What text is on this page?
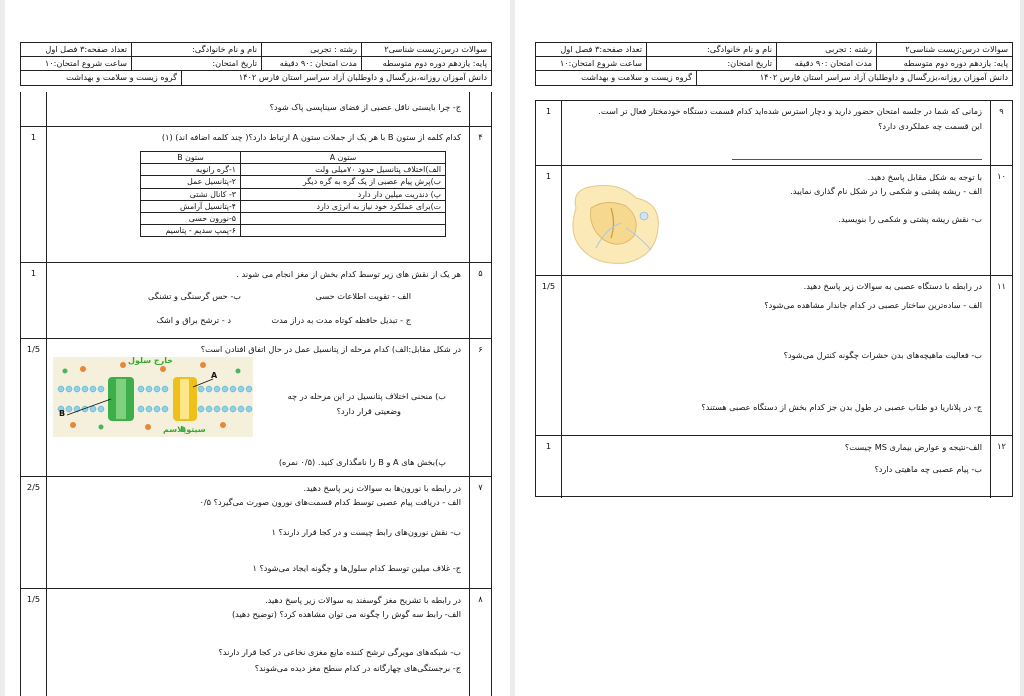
سوالات درس:زیست شناسی۲
رشته : تجربی
نام و نام خانوادگی:
تعداد صفحه:۳ فصل اول
پایه: یازدهم دوره دوم متوسطه
مدت امتحان :۹۰ دقیقه
تاریخ امتحان:
ساعت شروع امتحان:۱۰
دانش آموزان روزانه،بزرگسال و داوطلبان آزاد سراسر استان فارس ۱۴۰۲
گروه زیست و سلامت و بهداشت
ج- چرا بایستی ناقل عصبی از فضای سیناپسی پاک شود؟
۴
1	کدام کلمه از ستون B با هر یک از جملات ستون A ارتباط دارد؟( چند کلمه اضافه اند) (۱)
ستون A	ستون B
الف)اختلاف پتانسیل حدود ۷۰میلی ولت	۱-گره رانویه
ب)پرش پیام عصبی از یک گره به گره دیگر	۲-پتانسیل عمل
پ) دندریت میلین دار دارد	۳- کانال نشتی
ت)برای عملکرد خود نیاز به انرژی دارد	۴-پتانسیل آرامش
	۵-نورون حسی
	۶-پمپ سدیم - پتاسیم
۵
1	هر یک از نقش های زیر توسط کدام بخش از مغز انجام می شوند .
الف - تقویت اطلاعات حسی
ب- حس گرسنگی و تشنگی
ج - تبدیل حافظه کوتاه مدت به دراز مدت
د - ترشح براق و اشک
۶
1/5	در شکل مقابل:الف) کدام مرحله از پتانسیل عمل در حال اتفاق افتادن است؟
ب) منحنی اختلاف پتانسیل در این مرحله در چه
وضعیتی قرار دارد؟
پ)بخش های A و B را نامگذاری کنید. (۰/۵ نمره)
خارج سلول
سیتوپلاسم
A
B
۷
2/5	در رابطه با نورون‌ها به سوالات زیر پاسخ دهید.
الف - دریافت پیام عصبی توسط کدام قسمت‌های نورون صورت می‌گیرد؟ ۰/۵
ب- نقش نورون‌های رابط چیست و در کجا قرار دارند؟ ۱
ج- غلاف میلین توسط کدام سلول‌ها و چگونه ایجاد می‌شود؟ ۱
۸
1/5	در رابطه با تشریح مغز گوسفند به سوالات زیر پاسخ دهید.
الف- رابط سه گوش را چگونه می توان مشاهده کرد؟ (توضیح دهید)
ب- شبکه‌های مویرگی ترشح کننده مایع مغزی نخاعی در کجا قرار دارند؟
ج- برجستگی‌های چهارگانه در کدام سطح مغز دیده می‌شوند؟
سوالات درس:زیست شناسی۲
رشته : تجربی
نام و نام خانوادگی:
تعداد صفحه:۳ فصل اول
پایه: یازدهم دوره دوم متوسطه
مدت امتحان :۹۰ دقیقه
تاریخ امتحان:
ساعت شروع امتحان:۱۰
دانش آموزان روزانه،بزرگسال و داوطلبان آزاد سراسر استان فارس ۱۴۰۲
گروه زیست و سلامت و بهداشت
۹
1	زمانی که شما در جلسه امتحان حضور دارید و دچار استرس شده‌اید کدام قسمت دستگاه خودمختار فعال تر است.
این قسمت چه عملکردی دارد؟
۱۰
1	با توجه به شکل مقابل پاسخ دهید.
الف - ریشه پشتی و شکمی را در شکل نام گذاری نمایید.
ب- نقش ریشه پشتی و شکمی را بنویسید.
۱۱
1/5	در رابطه با دستگاه عصبی به سوالات زیر پاسخ دهید.
الف - ساده‌ترین ساختار عصبی در کدام جاندار مشاهده می‌شود؟
ب- فعالیت ماهیچه‌های بدن حشرات چگونه کنترل می‌شود؟
ج- در پلاناریا دو طناب عصبی در طول بدن جز کدام بخش از دستگاه عصبی هستند؟
۱۲
1	الف-نتیجه و عوارض بیماری MS چیست؟
ب- پیام عصبی چه ماهیتی دارد؟
